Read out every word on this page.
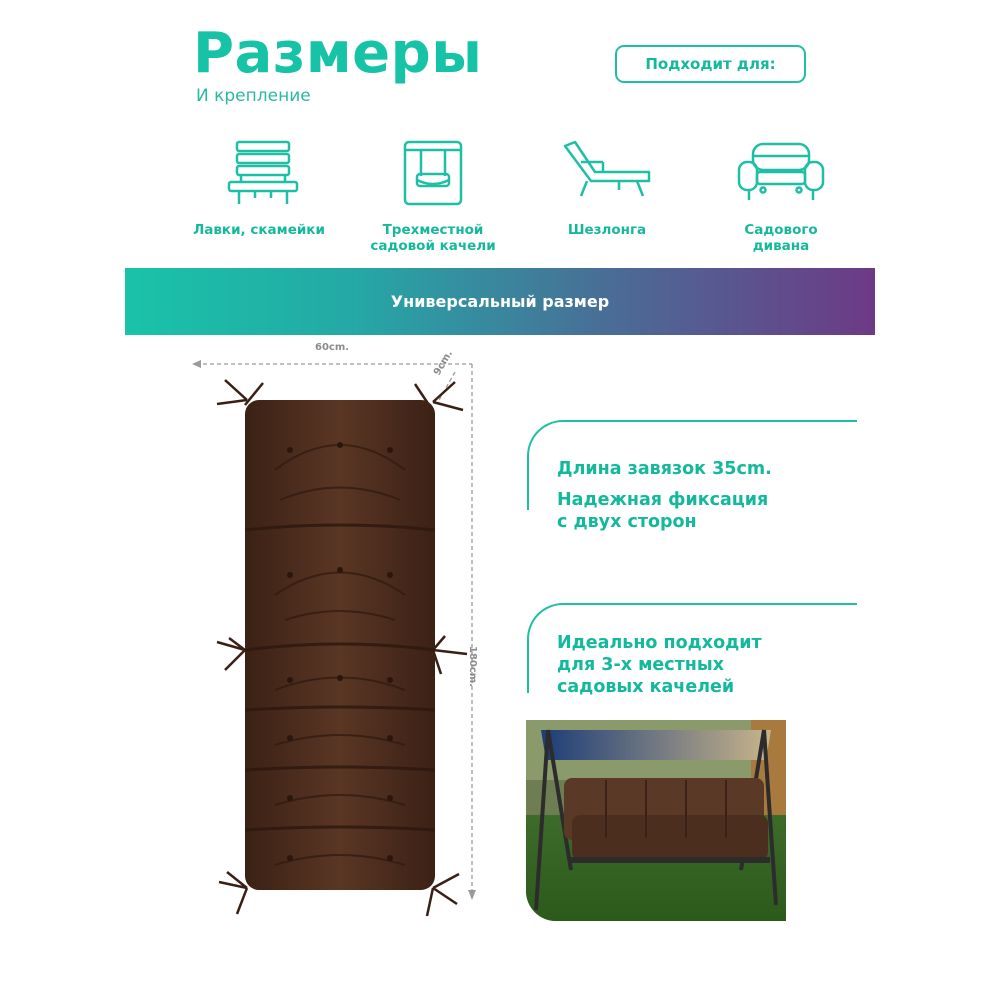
Размеры
И крепление
Подходит для:
Лавки, скамейки	Трехместной
садовой качели
Шезлонга	Садового
дивана
Универсальный размер
60cm.
9cm.
180cm.
Длина завязок 35cm.
Надежная фиксация
с двух сторон
Идеально подходит
для 3-х местных
садовых качелей
